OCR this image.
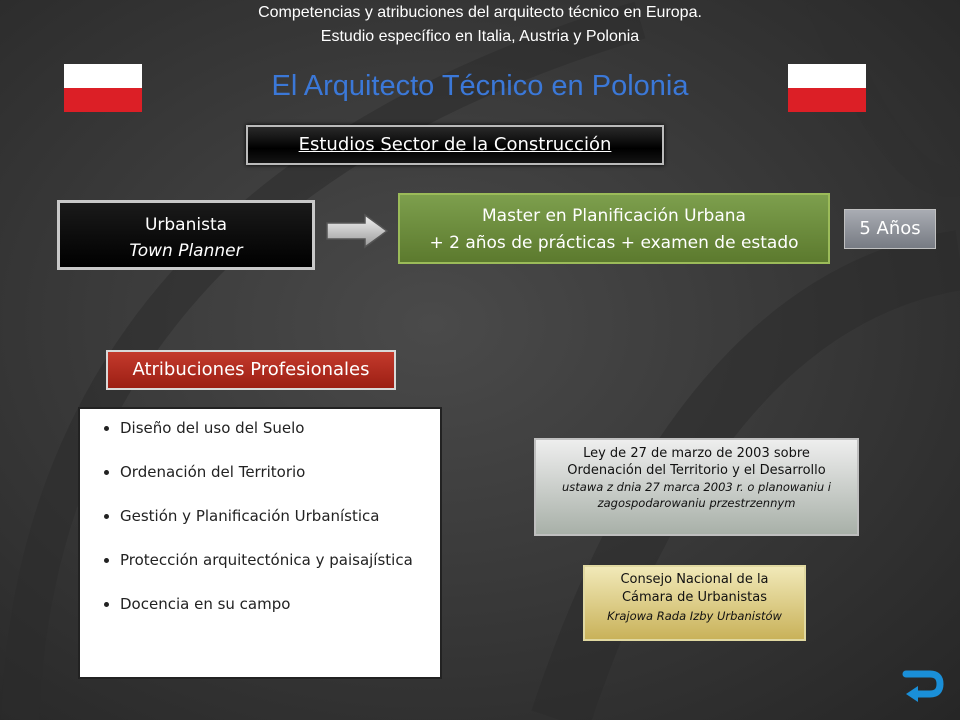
Competencias y atribuciones del arquitecto técnico en Europa.
Estudio específico en Italia, Austria y Polonia
El Arquitecto Técnico en Polonia
Estudios Sector de la Construcción
Urbanista
Town Planner
Master en Planificación Urbana
+ 2 años de prácticas + examen de estado
5 Años
Atribuciones Profesionales
• Diseño del uso del Suelo
• Ordenación del Territorio
• Gestión y Planificación Urbanística
• Protección arquitectónica y paisajística
• Docencia en su campo
Ley de 27 de marzo de 2003 sobre
Ordenación del Territorio y el Desarrollo
ustawa z dnia 27 marca 2003 r. o planowaniu i zagospodarowaniu przestrzennym
Consejo Nacional de la
Cámara de Urbanistas
Krajowa Rada Izby Urbanistów
